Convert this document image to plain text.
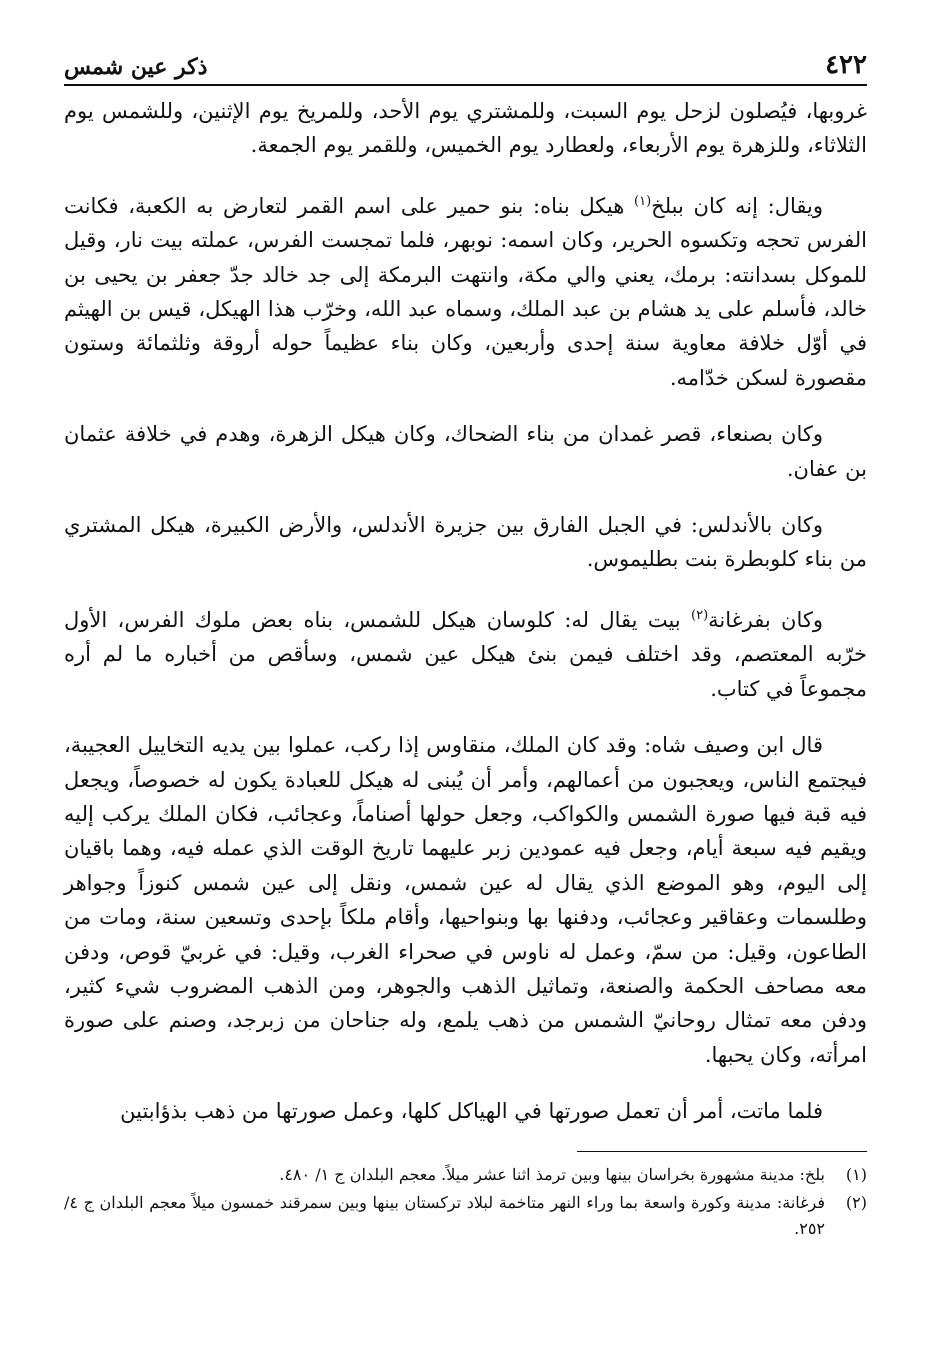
٤٢٢
ذكر عين شمس

غروبها، فيُصلون لزحل يوم السبت، وللمشتري يوم الأحد، وللمريخ يوم الإثنين، وللشمس يوم الثلاثاء، وللزهرة يوم الأربعاء، ولعطارد يوم الخميس، وللقمر يوم الجمعة.

ويقال: إنه كان ببلخ$^{(١)}$ هيكل بناه: بنو حمير على اسم القمر لتعارض به الكعبة، فكانت الفرس تحجه وتكسوه الحرير، وكان اسمه: نوبهر، فلما تمجست الفرس، عملته بيت نار، وقيل للموكل بسدانته: برمك، يعني والي مكة، وانتهت البرمكة إلى جد خالد جدّ جعفر بن يحيى بن خالد، فأسلم على يد هشام بن عبد الملك، وسماه عبد الله، وخرّب هذا الهيكل، قيس بن الهيثم في أوّل خلافة معاوية سنة إحدى وأربعين، وكان بناء عظيماً حوله أروقة وثلثمائة وستون مقصورة لسكن خدّامه.

وكان بصنعاء، قصر غمدان من بناء الضحاك، وكان هيكل الزهرة، وهدم في خلافة عثمان بن عفان.

وكان بالأندلس: في الجبل الفارق بين جزيرة الأندلس، والأرض الكبيرة، هيكل المشتري من بناء كلوبطرة بنت بطليموس.

وكان بفرغانة$^{(٢)}$ بيت يقال له: كلوسان هيكل للشمس، بناه بعض ملوك الفرس، الأول خرّبه المعتصم، وقد اختلف فيمن بنئ هيكل عين شمس، وسأقص من أخباره ما لم أره مجموعاً في كتاب.

قال ابن وصيف شاه: وقد كان الملك، منقاوس إذا ركب، عملوا بين يديه التخاييل العجيبة، فيجتمع الناس، ويعجبون من أعمالهم، وأمر أن يُبنى له هيكل للعبادة يكون له خصوصاً، ويجعل فيه قبة فيها صورة الشمس والكواكب، وجعل حولها أصناماً، وعجائب، فكان الملك يركب إليه ويقيم فيه سبعة أيام، وجعل فيه عمودين زبر عليهما تاريخ الوقت الذي عمله فيه، وهما باقيان إلى اليوم، وهو الموضع الذي يقال له عين شمس، ونقل إلى عين شمس كنوزاً وجواهر وطلسمات وعقاقير وعجائب، ودفنها بها وبنواحيها، وأقام ملكاً بإحدى وتسعين سنة، ومات من الطاعون، وقيل: من سمّ، وعمل له ناوس في صحراء الغرب، وقيل: في غربيّ قوص، ودفن معه مصاحف الحكمة والصنعة، وتماثيل الذهب والجوهر، ومن الذهب المضروب شيء كثير، ودفن معه تمثال روحانيّ الشمس من ذهب يلمع، وله جناحان من زبرجد، وصنم على صورة امرأته، وكان يحبها.

فلما ماتت، أمر أن تعمل صورتها في الهياكل كلها، وعمل صورتها من ذهب بذؤابتين

(١)
بلخ: مدينة مشهورة بخراسان بينها وبين ترمذ اثنا عشر ميلاً. معجم البلدان ج ١/ ٤٨٠.
(٢)
فرغانة: مدينة وكورة واسعة بما وراء النهر متاخمة لبلاد تركستان بينها وبين سمرقند خمسون ميلاً معجم البلدان ج ٤/ ٢٥٢.
